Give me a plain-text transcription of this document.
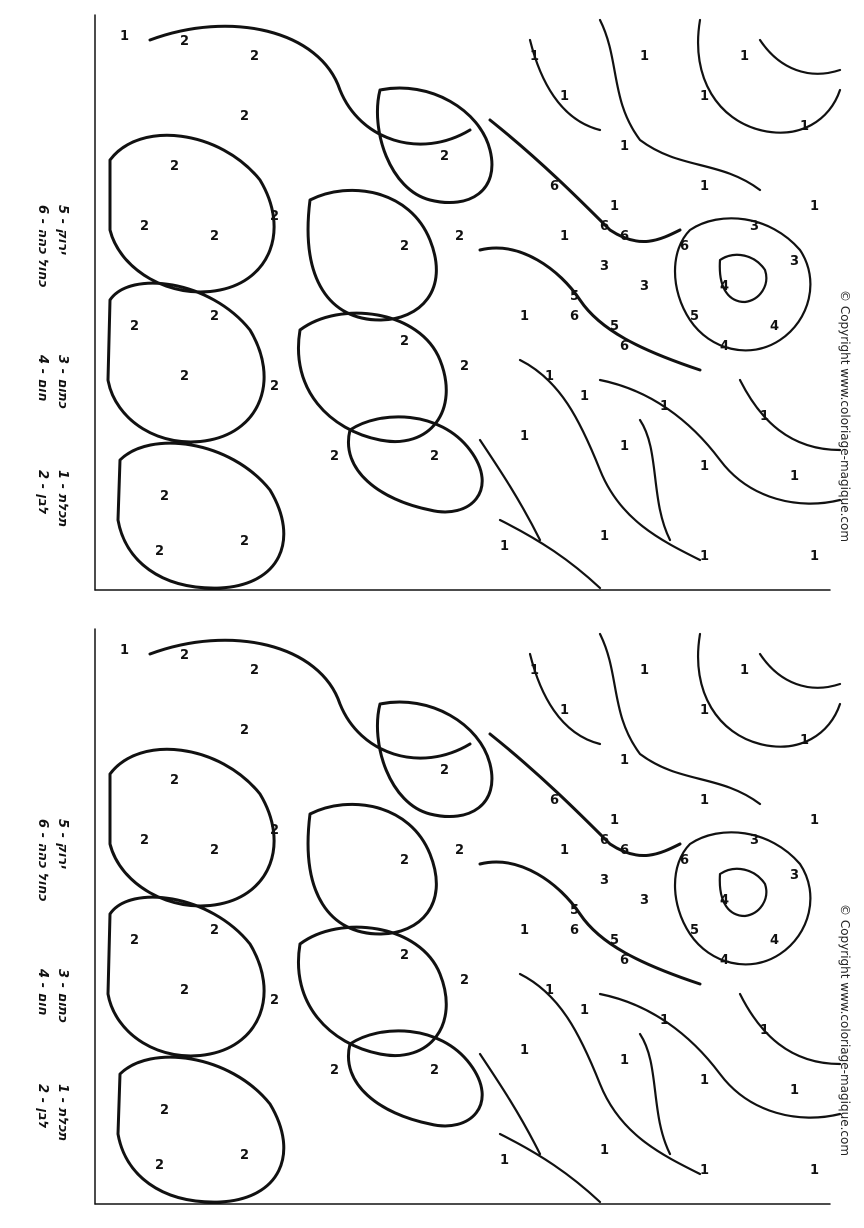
1 - תכלת
2 - לבן
3 - כתום
4 - חום
5 - ירוק
6 - כחול כהה
1	2
2
2
2
2
2
2
2
2
2
2
2
2
2
2
2
2
2
2
2
2
1
1
1
1
1
1
1
1
1
1
1
1
1
1
1
1
1
1	1
1
1
1
1
1
3
3
4
4
4
6
5
6
3
3
5
5
6
6
6
6	© Copyright www.coloriage-magique.com
1 - תכלת
2 - לבן
3 - כתום
4 - חום
5 - ירוק
6 - כחול כהה
1	2
2
2
2
2
2
2
2
2
2
2
2
2
2
2
2
2
2
2
2
2
1
1
1
1
1
1
1
1
1
1
1
1
1
1
1
1
1
1	1
1
1
1
1
1
3
3
4
4
4
6
5
6
3
3
5
5
6
6
6
6	© Copyright www.coloriage-magique.com
